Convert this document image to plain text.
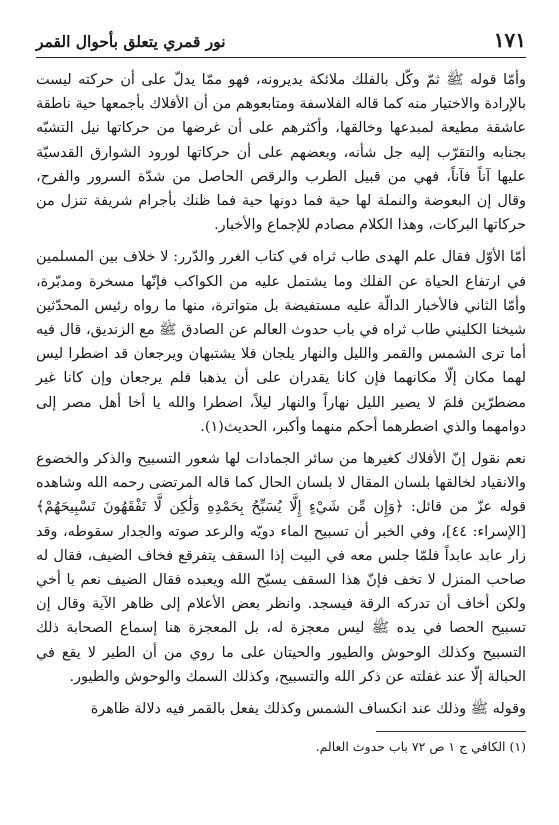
١٧١
نور قمري يتعلق بأحوال القمر

وأمّا قوله ﷺ ثمّ وكّل بالفلك ملائكة يديرونه، فهو ممّا يدلّ على أن حركته ليست بالإرادة والاختيار منه كما قاله الفلاسفة ومتابعوهم من أن الأفلاك بأجمعها حية ناطقة عاشقة مطيعة لمبدعها وخالقها، وأكثرهم على أن غرضها من حركاتها نيل التشبّه بجنابه والتقرّب إليه جل شأنه، وبعضهم على أن حركاتها لورود الشوارق القدسيّة عليها آناً فآناً، فهي من قبيل الطرب والرقص الحاصل من شدّة السرور والفرح، وقال إن البعوضة والنملة لها حية فما دونها حية فما ظنك بأجرام شريفة تنزل من حركاتها البركات، وهذا الكلام مصادم للإجماع والأخبار.

أمّا الأوّل فقال علم الهدى طاب ثراه في كتاب الغرر والدّرر: لا خلاف بين المسلمين في ارتفاع الحياة عن الفلك وما يشتمل عليه من الكواكب فإنّها مسخرة ومدبّرة، وأمّا الثاني فالأخبار الدالّة عليه مستفيضة بل متواترة، منها ما رواه رئيس المحدّثين شيخنا الكليني طاب ثراه في باب حدوث العالم عن الصادق ﷺ مع الزنديق، قال فيه أما ترى الشمس والقمر والليل والنهار يلجان فلا يشتبهان ويرجعان قد اضطرا ليس لهما مكان إلّا مكانهما فإن كانا يقدران على أن يذهبا فلم يرجعان وإن كانا غير مضطرّين فلمَ لا يصير الليل نهاراً والنهار ليلاً، اضطرا والله يا أخا أهل مصر إلى دوامهما والذي اضطرهما أحكم منهما وأكبر، الحديث(١).

نعم نقول إنّ الأفلاك كغيرها من سائر الجمادات لها شعور التسبيح والذكر والخضوع والانقياد لخالقها بلسان المقال لا بلسان الحال كما قاله المرتضى رحمه الله وشاهده قوله عزّ من قائل: ﴿وَإِن مِّن شَيْءٍ إِلَّا يُسَبِّحُ بِحَمْدِهِ وَلَٰكِن لَّا تَفْقَهُونَ تَسْبِيحَهُمْ﴾ [الإسراء: ٤٤]، وفي الخبر أن تسبيح الماء دويّه والرعد صوته والجدار سقوطه، وقد زار عابد عابداً فلمّا جلس معه في البيت إذا السقف يتفرقع فخاف الضيف، فقال له صاحب المنزل لا تخف فإنّ هذا السقف يسبّح الله ويعبده فقال الضيف نعم يا أخي ولكن أخاف أن تدركه الرقة فيسجد. وانظر بعض الأعلام إلى ظاهر الآية وقال إن تسبيح الحصا في يده ﷺ ليس معجزة له، بل المعجزة هنا إسماع الصحابة ذلك التسبيح وكذلك الوحوش والطيور والحيتان على ما روي من أن الطير لا يقع في الحبالة إلّا عند غفلته عن ذكر الله والتسبيح، وكذلك السمك والوحوش والطيور.

وقوله ﷺ وذلك عند انكساف الشمس وكذلك يفعل بالقمر فيه دلالة ظاهرة

(١) الكافي ج ١ ص ٧٢ باب حدوث العالم.
